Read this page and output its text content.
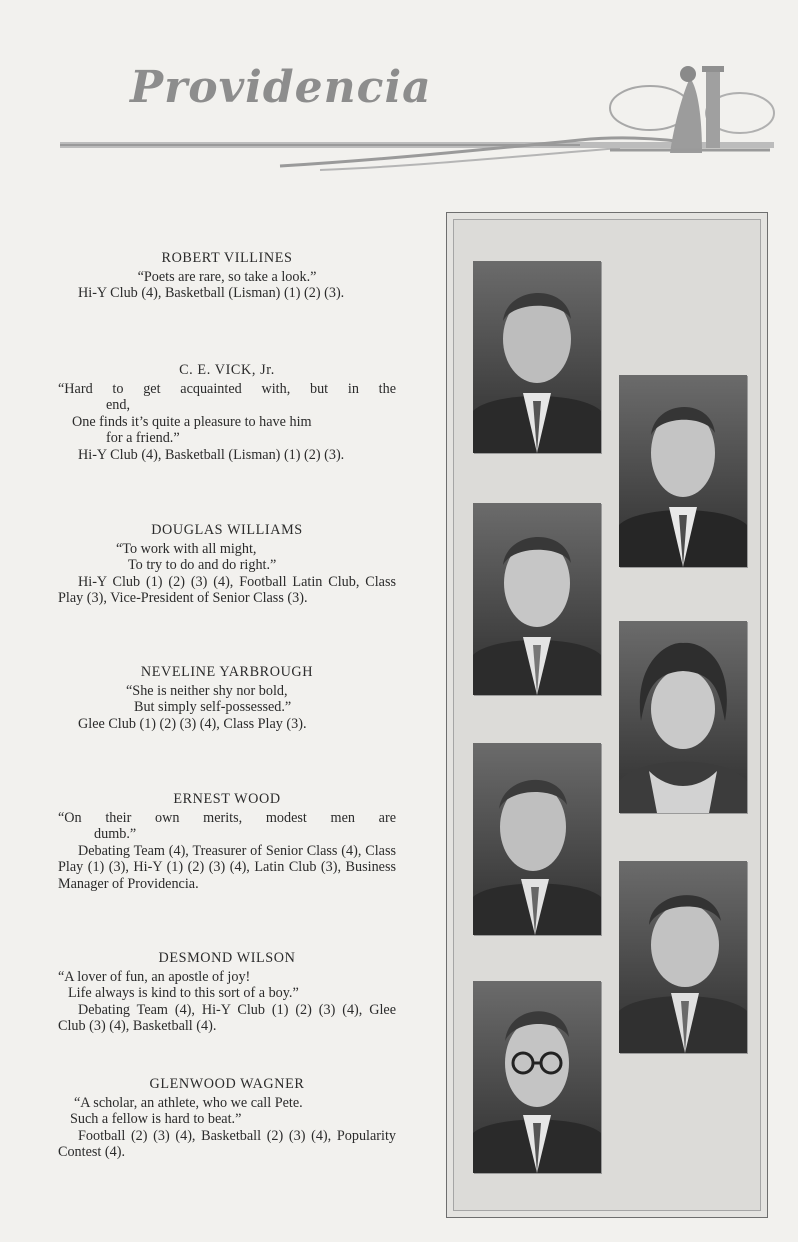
Providencia
ROBERT VILLINES
“Poets are rare, so take a look.”
Hi-Y Club (4), Basketball (Lisman) (1) (2) (3).
C. E. VICK, Jr.
“Hard to get acquainted with, but in the
end,
One finds it’s quite a pleasure to have him
for a friend.”
Hi-Y Club (4), Basketball (Lisman) (1) (2) (3).
DOUGLAS WILLIAMS
“To work with all might,
To try to do and do right.”
Hi-Y Club (1) (2) (3) (4), Football Latin Club, Class Play (3), Vice-President of Senior Class (3).
NEVELINE YARBROUGH
“She is neither shy nor bold,
But simply self-possessed.”
Glee Club (1) (2) (3) (4), Class Play (3).
ERNEST WOOD
“On their own merits, modest men are
dumb.”
Debating Team (4), Treasurer of Senior Class (4), Class Play (1) (3), Hi-Y (1) (2) (3) (4), Latin Club (3), Business Manager of Providencia.
DESMOND WILSON
“A lover of fun, an apostle of joy!
Life always is kind to this sort of a boy.”
Debating Team (4), Hi-Y Club (1) (2) (3) (4), Glee Club (3) (4), Basketball (4).
GLENWOOD WAGNER
“A scholar, an athlete, who we call Pete.
Such a fellow is hard to beat.”
Football (2) (3) (4), Basketball (2) (3) (4), Popularity Contest (4).
